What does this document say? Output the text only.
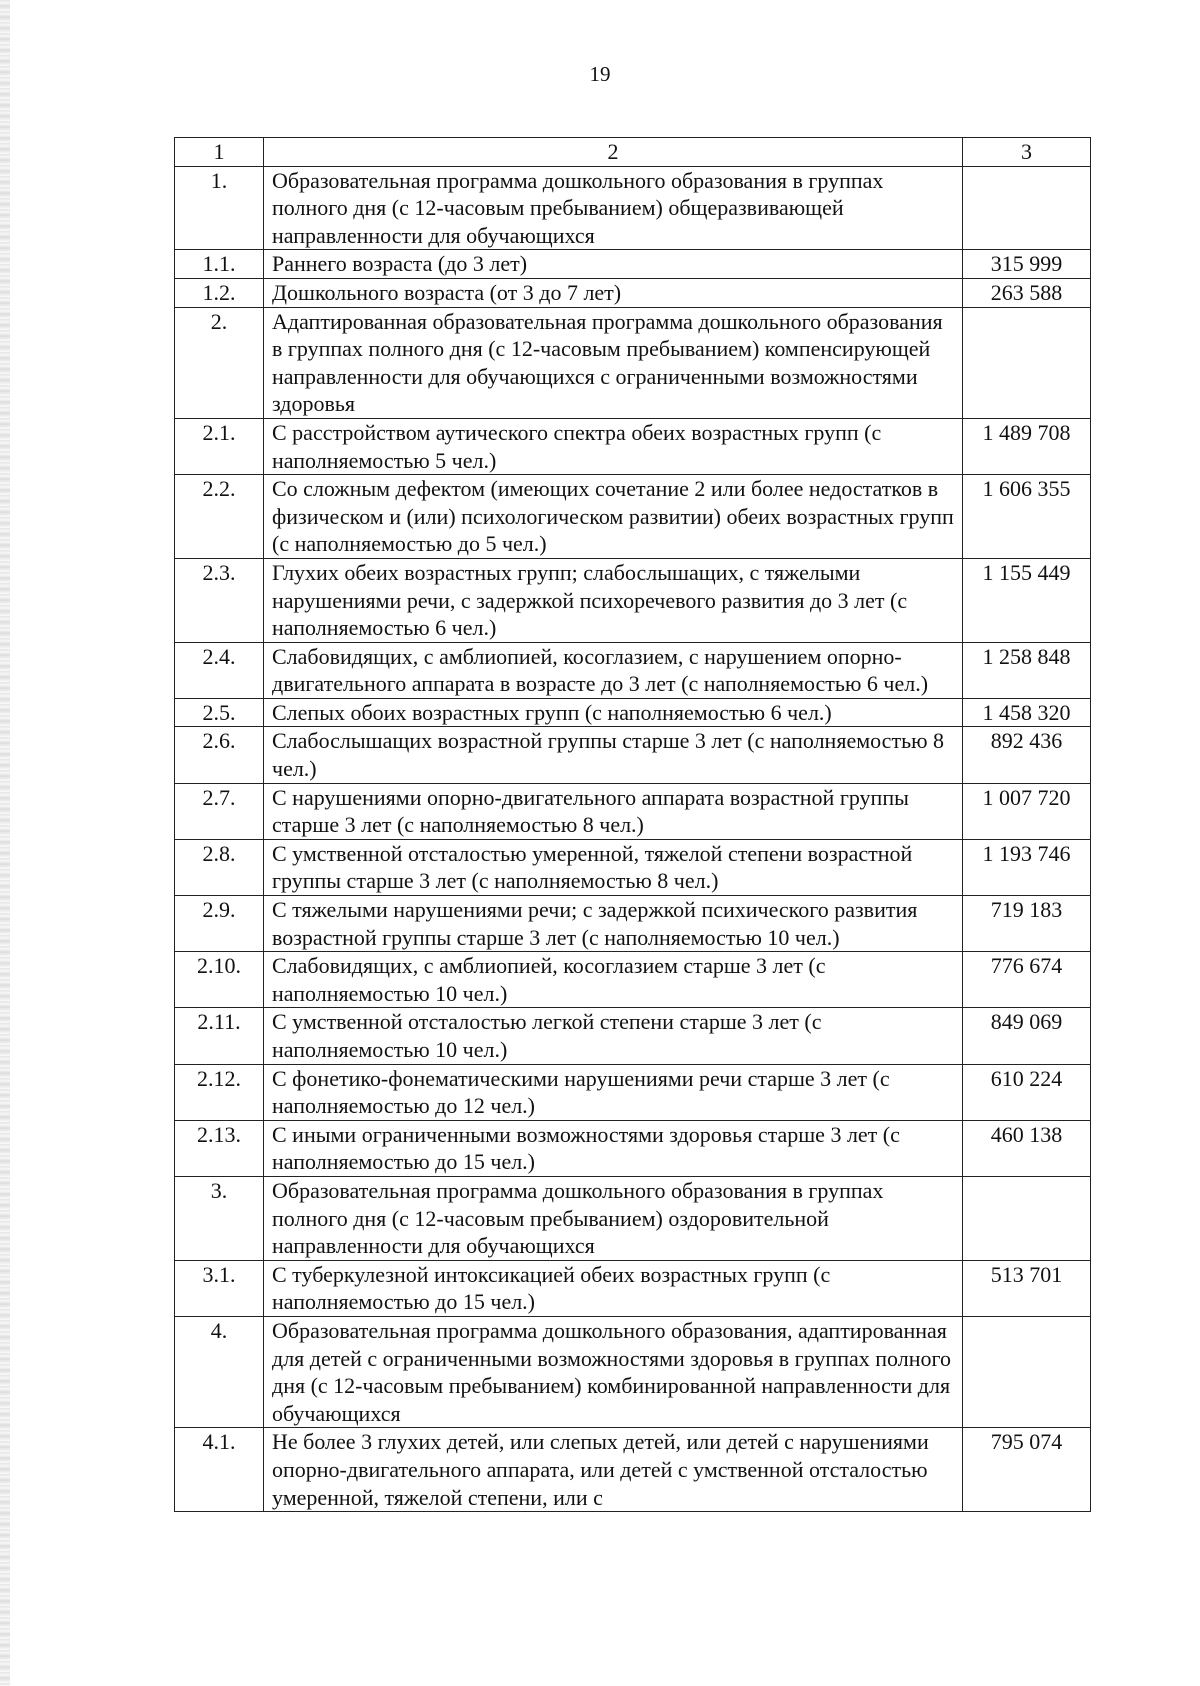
19
1	2	3
1.	Образовательная программа дошкольного образования в группах полного дня (с 12-часовым пребыванием) общеразвивающей направленности для обучающихся	
1.1.	Раннего возраста (до 3 лет)	315 999
1.2.	Дошкольного возраста (от 3 до 7 лет)	263 588
2.	Адаптированная образовательная программа дошкольного образования в группах полного дня (с 12-часовым пребыванием) компенсирующей направленности для обучающихся с ограниченными возможностями здоровья	
2.1.	С расстройством аутического спектра обеих возрастных групп (с наполняемостью 5 чел.)	1 489 708
2.2.	Со сложным дефектом (имеющих сочетание 2 или более недостатков в физическом и (или) психологическом развитии) обеих возрастных групп (с наполняемостью до 5 чел.)	1 606 355
2.3.	Глухих обеих возрастных групп; слабослышащих, с тяжелыми нарушениями речи, с задержкой психоречевого развития до 3 лет (с наполняемостью 6 чел.)	1 155 449
2.4.	Слабовидящих, с амблиопией, косоглазием, с нарушением опорно-двигательного аппарата в возрасте до 3 лет (с наполняемостью 6 чел.)	1 258 848
2.5.	Слепых обоих возрастных групп (с наполняемостью 6 чел.)	1 458 320
2.6.	Слабослышащих возрастной группы старше 3 лет (с наполняемостью 8 чел.)	892 436
2.7.	С нарушениями опорно-двигательного аппарата возрастной группы старше 3 лет (с наполняемостью 8 чел.)	1 007 720
2.8.	С умственной отсталостью умеренной, тяжелой степени возрастной группы старше 3 лет (с наполняемостью 8 чел.)	1 193 746
2.9.	С тяжелыми нарушениями речи; с задержкой психического развития возрастной группы старше 3 лет (с наполняемостью 10 чел.)	719 183
2.10.	Слабовидящих, с амблиопией, косоглазием старше 3 лет (с наполняемостью 10 чел.)	776 674
2.11.	С умственной отсталостью легкой степени старше 3 лет (с наполняемостью 10 чел.)	849 069
2.12.	С фонетико-фонематическими нарушениями речи старше 3 лет (с наполняемостью до 12 чел.)	610 224
2.13.	С иными ограниченными возможностями здоровья старше 3 лет (с наполняемостью до 15 чел.)	460 138
3.	Образовательная программа дошкольного образования в группах полного дня (с 12-часовым пребыванием) оздоровительной направленности для обучающихся	
3.1.	С туберкулезной интоксикацией обеих возрастных групп (с наполняемостью до 15 чел.)	513 701
4.	Образовательная программа дошкольного образования, адаптированная для детей с ограниченными возможностями здоровья в группах полного дня (с 12-часовым пребыванием) комбинированной направленности для обучающихся	
4.1.	Не более 3 глухих детей, или слепых детей, или детей с нарушениями опорно-двигательного аппарата, или детей с умственной отсталостью умеренной, тяжелой степени, или с	795 074
